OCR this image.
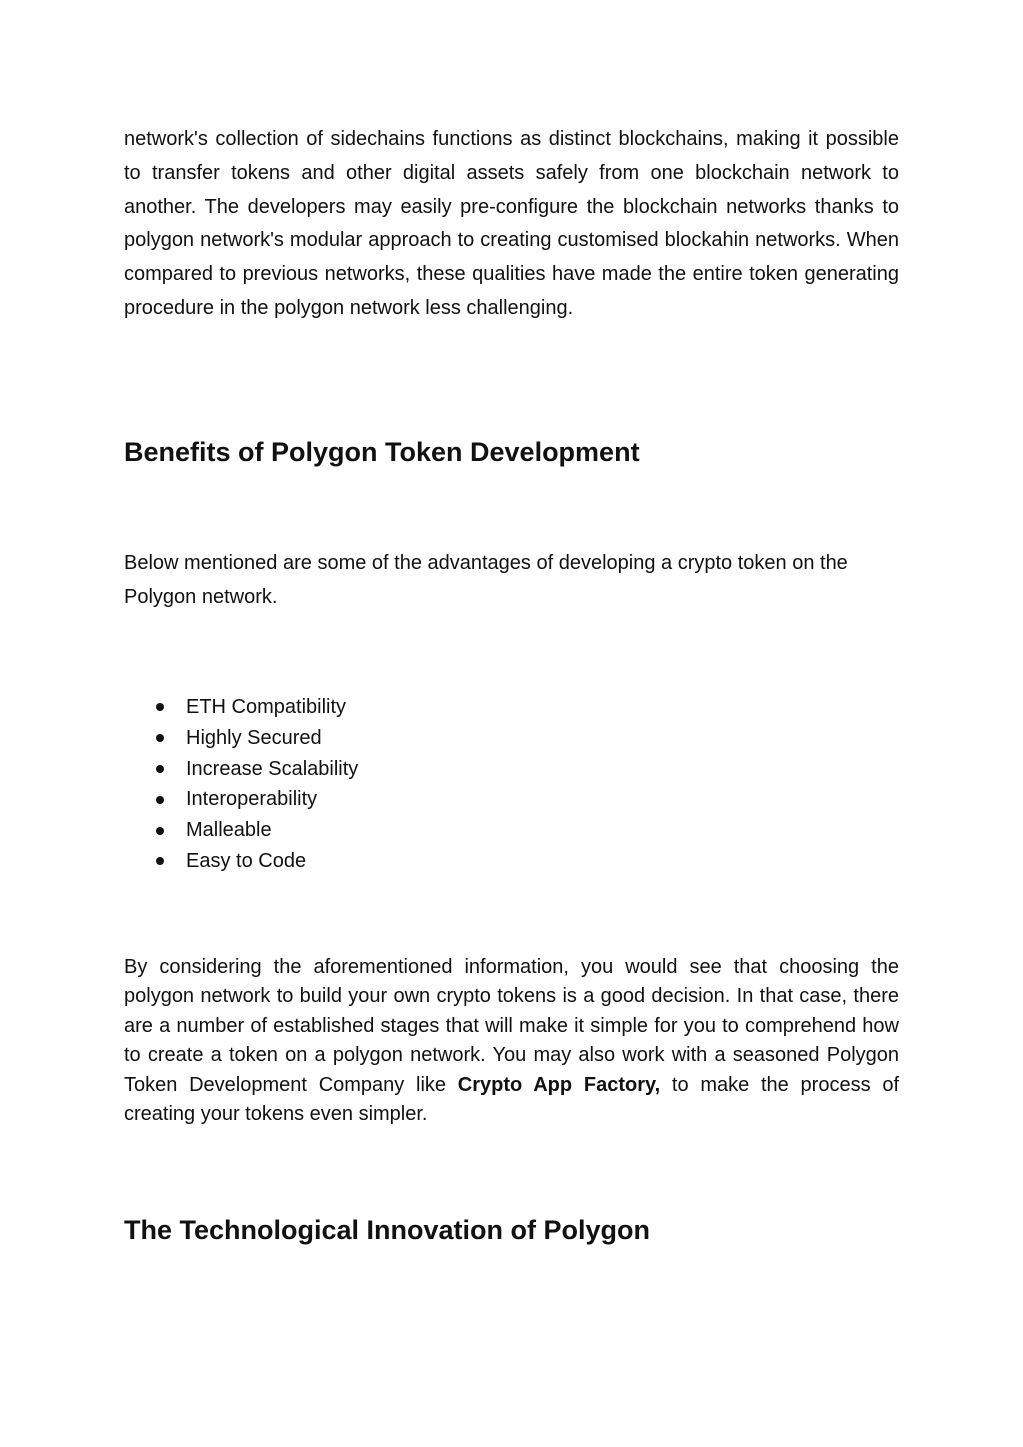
network's collection of sidechains functions as distinct blockchains, making it possible to transfer tokens and other digital assets safely from one blockchain network to another. The developers may easily pre-configure the blockchain networks thanks to polygon network's modular approach to creating customised blockahin networks. When compared to previous networks, these qualities have made the entire token generating procedure in the polygon network less challenging.

Benefits of Polygon Token Development

Below mentioned are some of the advantages of developing a crypto token on the Polygon network.

ETH Compatibility
Highly Secured
Increase Scalability
Interoperability
Malleable
Easy to Code

By considering the aforementioned information, you would see that choosing the polygon network to build your own crypto tokens is a good decision. In that case, there are a number of established stages that will make it simple for you to comprehend how to create a token on a polygon network. You may also work with a seasoned Polygon Token Development Company like Crypto App Factory, to make the process of creating your tokens even simpler.

The Technological Innovation of Polygon
